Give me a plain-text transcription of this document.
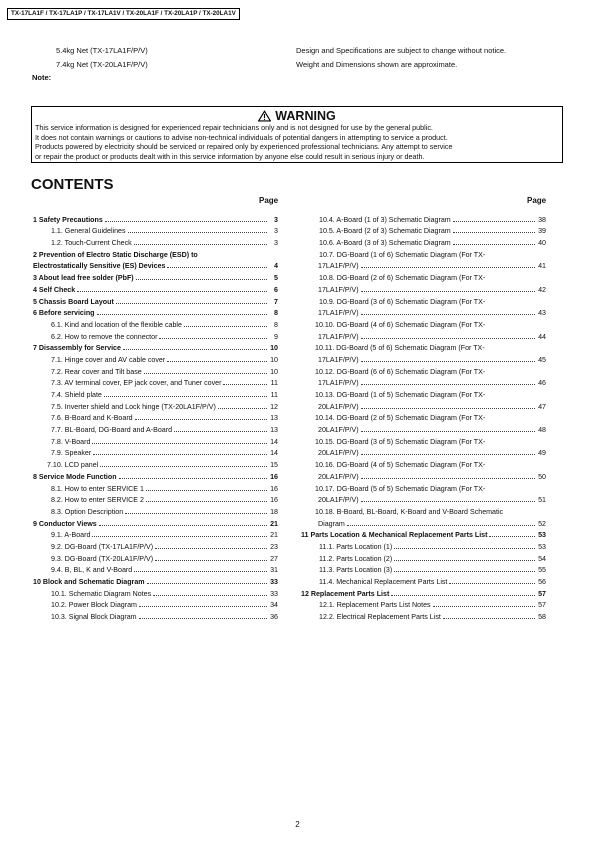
TX-17LA1F / TX-17LA1P / TX-17LA1V / TX-20LA1F / TX-20LA1P / TX-20LA1V
5.4kg Net (TX-17LA1F/P/V)
7.4kg Net (TX-20LA1F/P/V)
Note:
Design and Specifications are subject to change without notice.
Weight and Dimensions shown are approximate.
WARNING
This service information is designed for experienced repair technicians only and is not designed for use by the general public.
It does not contain warnings or cautions to advise non-technical individuals of potential dangers in attempting to service a product.
Products powered by electricity should be serviced or repaired only by experienced professional technicians. Any attempt to service
or repair the product or products dealt with in this service information by anyone else could result in serious injury or death.
CONTENTS
Page	Page
1 Safety Precautions	3
1.1. General Guidelines	3
1.2. Touch-Current Check	3
2 Prevention of Electro Static Discharge (ESD) to
Electrostatically Sensitive (ES) Devices	4
3 About lead free solder (PbF)	5
4 Self Check	6
5 Chassis Board Layout	7
6 Before servicing	8
6.1. Kind and location of the flexible cable	8
6.2. How to remove the connector	9
7 Disassembly for Service	10
7.1. Hinge cover and AV cable cover	10
7.2. Rear cover and Tilt base	10
7.3. AV terminal cover, EP jack cover, and Tuner cover	11
7.4. Shield plate	11
7.5. Inverter shield and Lock hinge (TX-20LA1F/P/V)	12
7.6. B-Board and K-Board	13
7.7. BL-Board, DG-Board and A-Board	13
7.8. V-Board	14
7.9. Speaker	14
7.10. LCD panel	15
8 Service Mode Function	16
8.1. How to enter SERVICE 1	16
8.2. How to enter SERVICE 2	16
8.3. Option Description	18
9 Conductor Views	21
9.1. A-Board	21
9.2. DG-Board (TX-17LA1F/P/V)	23
9.3. DG-Board (TX-20LA1F/P/V)	27
9.4. B, BL, K and V-Board	31
10 Block and Schematic Diagram	33
10.1. Schematic Diagram Notes	33
10.2. Power Block Diagram	34
10.3. Signal Block Diagram	36
10.4. A-Board (1 of 3) Schematic Diagram	38
10.5. A-Board (2 of 3) Schematic Diagram	39
10.6. A-Board (3 of 3) Schematic Diagram	40
10.7. DG-Board (1 of 6) Schematic Diagram (For TX-
17LA1F/P/V)	41
10.8. DG-Board (2 of 6) Schematic Diagram (For TX-
17LA1F/P/V)	42
10.9. DG-Board (3 of 6) Schematic Diagram (For TX-
17LA1F/P/V)	43
10.10. DG-Board (4 of 6) Schematic Diagram (For TX-
17LA1F/P/V)	44
10.11. DG-Board (5 of 6) Schematic Diagram (For TX-
17LA1F/P/V)	45
10.12. DG-Board (6 of 6) Schematic Diagram (For TX-
17LA1F/P/V)	46
10.13. DG-Board (1 of 5) Schematic Diagram (For TX-
20LA1F/P/V)	47
10.14. DG-Board (2 of 5) Schematic Diagram (For TX-
20LA1F/P/V)	48
10.15. DG-Board (3 of 5) Schematic Diagram (For TX-
20LA1F/P/V)	49
10.16. DG-Board (4 of 5) Schematic Diagram (For TX-
20LA1F/P/V)	50
10.17. DG-Board (5 of 5) Schematic Diagram (For TX-
20LA1F/P/V)	51
10.18. B-Board, BL-Board, K-Board and V-Board Schematic
Diagram	52
11 Parts Location & Mechanical Replacement Parts List	53
11.1. Parts Location (1)	53
11.2. Parts Location (2)	54
11.3. Parts Location (3)	55
11.4. Mechanical Replacement Parts List	56
12 Replacement Parts List	57
12.1. Replacement Parts List Notes	57
12.2. Electrical Replacement Parts List	58
2
